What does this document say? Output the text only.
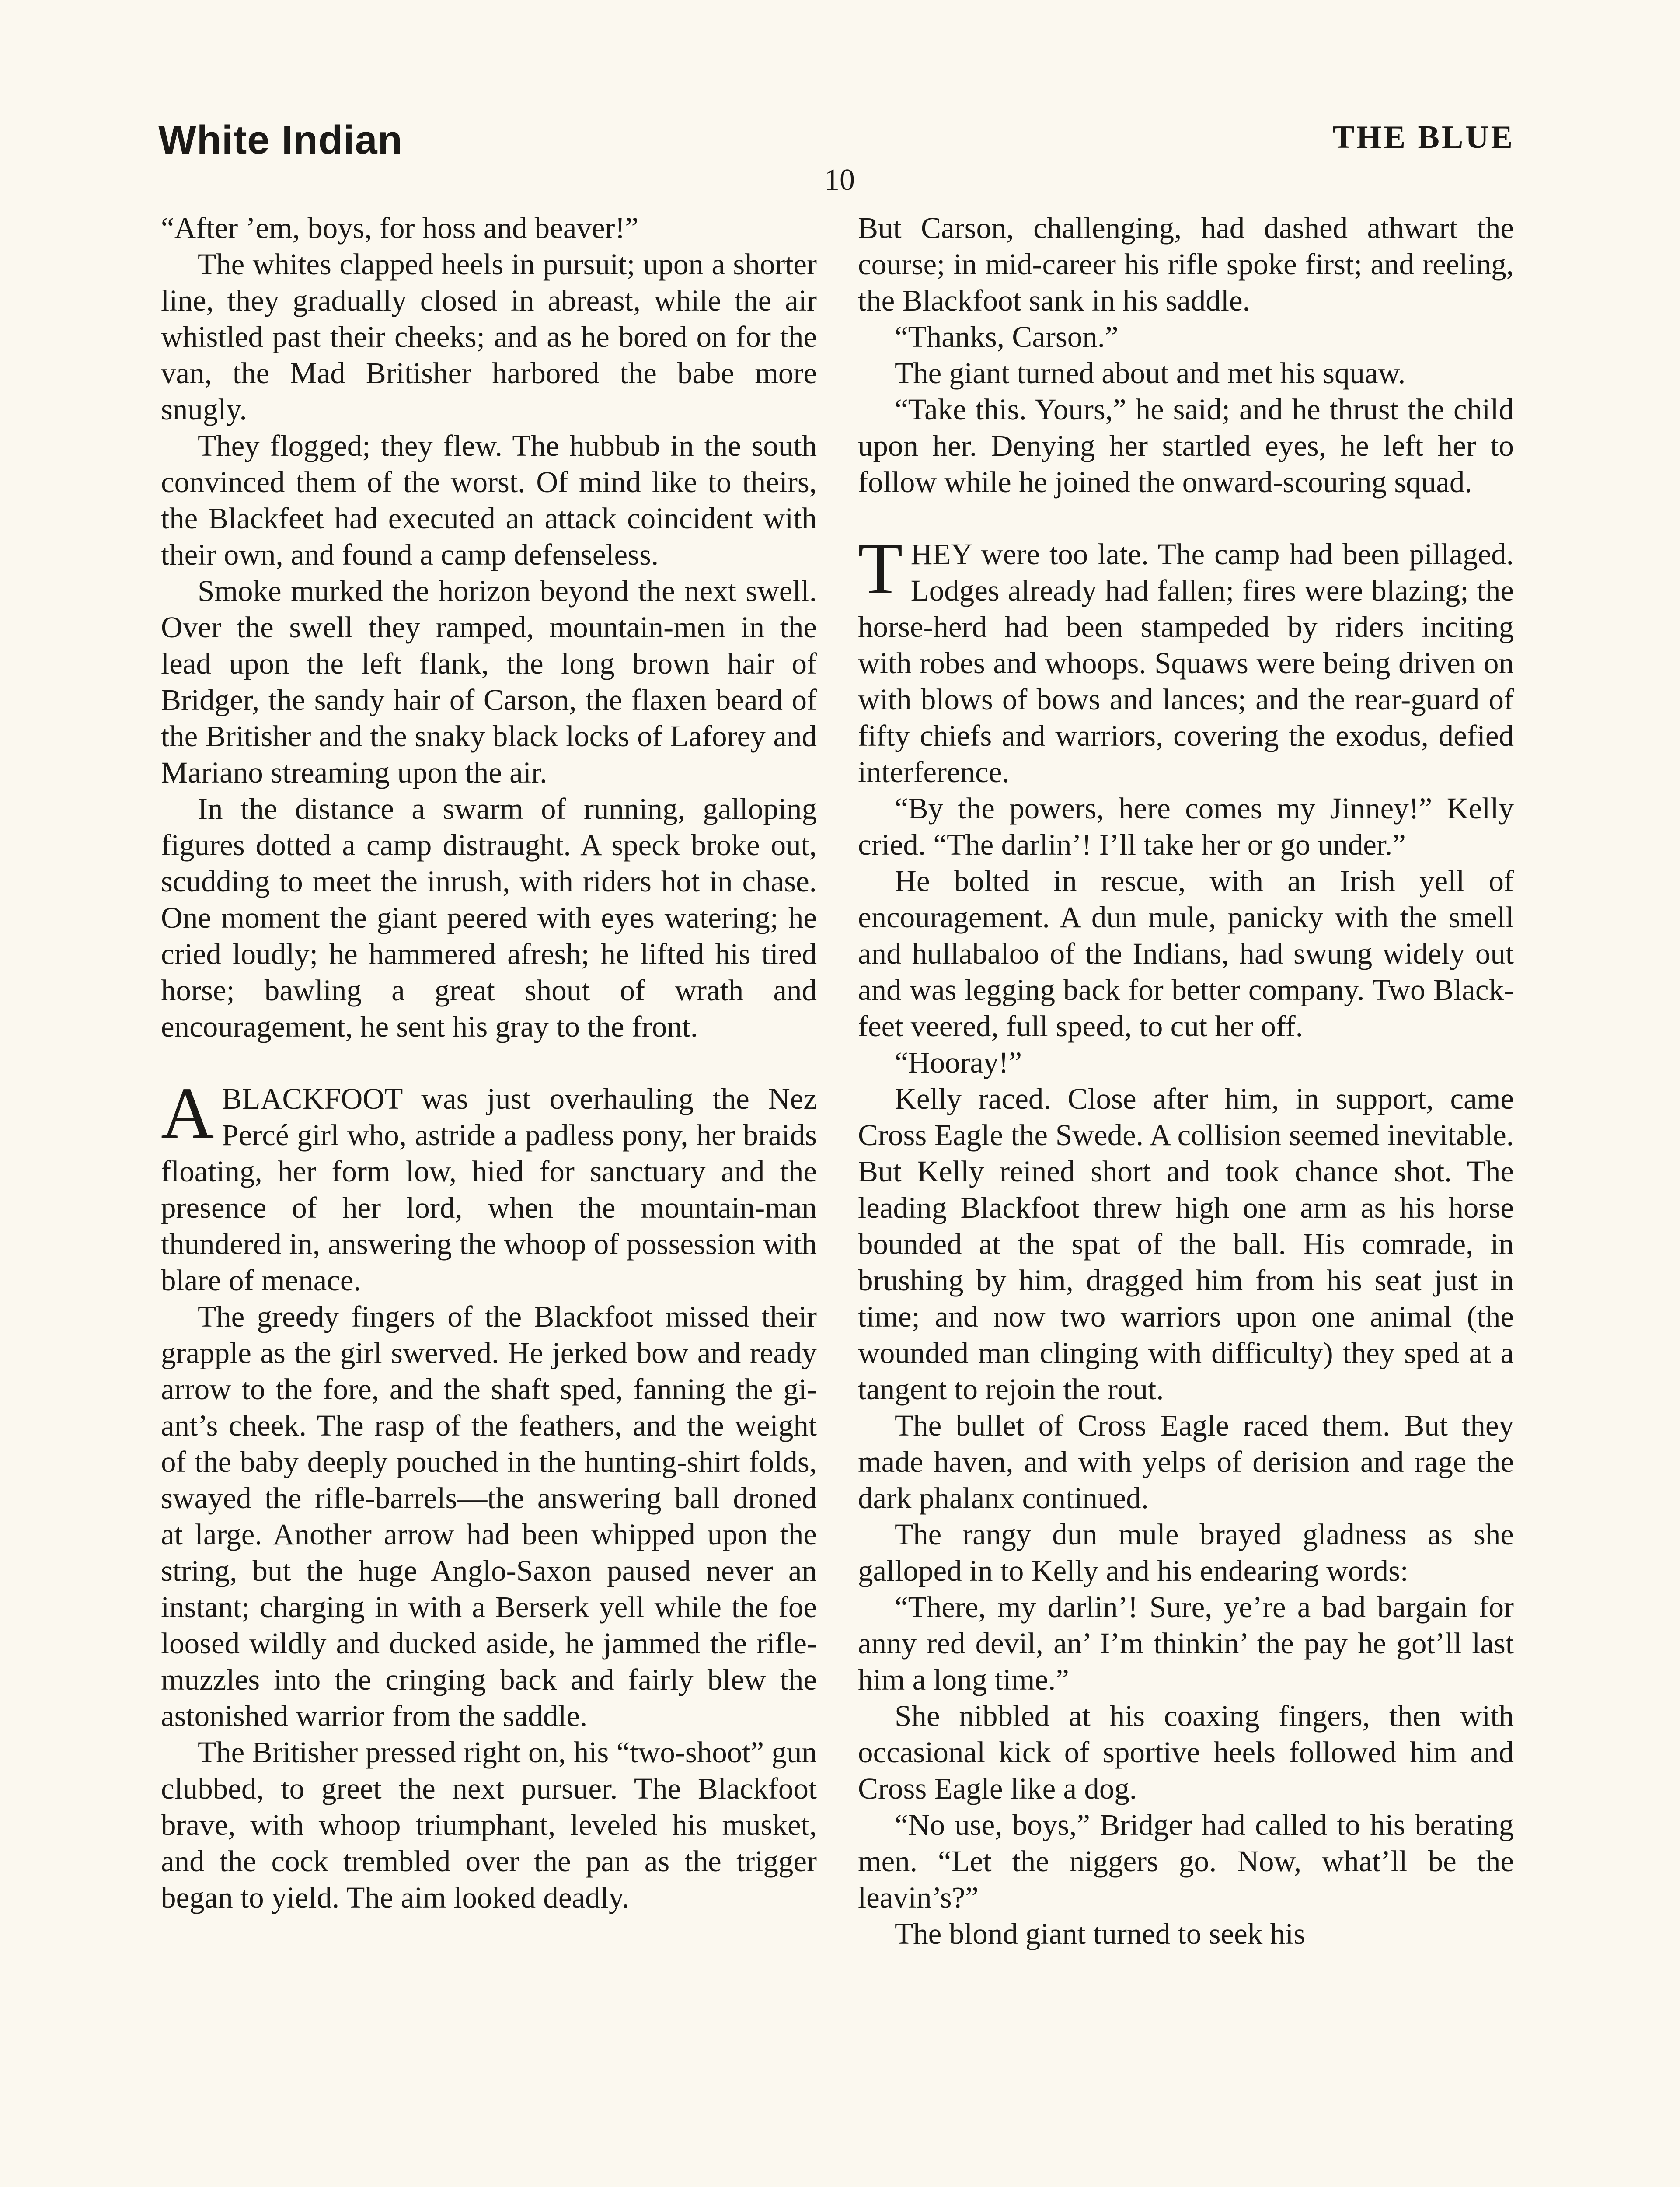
White Indian	THE BLUE
10

“After ’em, boys, for hoss and beaver!”

The whites clapped heels in pursuit; upon a shorter line, they gradually closed in abreast, while the air whistled past their cheeks; and as he bored on for the van, the Mad Britisher harbored the babe more snugly.

They flogged; they flew. The hubbub in the south convinced them of the worst. Of mind like to theirs, the Blackfeet had executed an attack coincident with their own, and found a camp defenseless.

Smoke murked the horizon beyond the next swell. Over the swell they ramped, mountain-men in the lead upon the left flank, the long brown hair of Bridger, the sandy hair of Carson, the flaxen beard of the Britisher and the snaky black locks of Laforey and Mariano streaming upon the air.

In the distance a swarm of running, galloping figures dotted a camp distraught. A speck broke out, scudding to meet the inrush, with riders hot in chase. One moment the giant peered with eyes watering; he cried loudly; he hammered afresh; he lifted his tired horse; bawling a great shout of wrath and encouragement, he sent his gray to the front.

A BLACKFOOT was just overhauling the Nez Percé girl who, astride a padless pony, her braids floating, her form low, hied for sanctuary and the presence of her lord, when the mountain-man thundered in, answering the whoop of possession with blare of menace.

The greedy fingers of the Blackfoot missed their grapple as the girl swerved. He jerked bow and ready arrow to the fore, and the shaft sped, fanning the giant’s cheek. The rasp of the feathers, and the weight of the baby deeply pouched in the hunting-shirt folds, swayed the rifle-barrels—the answering ball droned at large. Another arrow had been whipped upon the string, but the huge Anglo-Saxon paused never an instant; charging in with a Berserk yell while the foe loosed wildly and ducked aside, he jammed the rifle-muzzles into the cringing back and fairly blew the astonished warrior from the saddle.

The Britisher pressed right on, his “two-shoot” gun clubbed, to greet the next pursuer. The Blackfoot brave, with whoop triumphant, leveled his musket, and the cock trembled over the pan as the trigger began to yield. The aim looked deadly.

But Carson, challenging, had dashed athwart the course; in mid-career his rifle spoke first; and reeling, the Blackfoot sank in his saddle.

“Thanks, Carson.”

The giant turned about and met his squaw.

“Take this. Yours,” he said; and he thrust the child upon her. Denying her startled eyes, he left her to follow while he joined the onward-scouring squad.

THEY were too late. The camp had been pillaged. Lodges already had fallen; fires were blazing; the horse-herd had been stampeded by riders inciting with robes and whoops. Squaws were being driven on with blows of bows and lances; and the rear-guard of fifty chiefs and warriors, covering the exodus, defied interference.

“By the powers, here comes my Jinney!” Kelly cried. “The darlin’! I’ll take her or go under.”

He bolted in rescue, with an Irish yell of encouragement. A dun mule, panicky with the smell and hullabaloo of the Indians, had swung widely out and was legging back for better company. Two Blackfeet veered, full speed, to cut her off.

“Hooray!”

Kelly raced. Close after him, in support, came Cross Eagle the Swede. A collision seemed inevitable. But Kelly reined short and took chance shot. The leading Blackfoot threw high one arm as his horse bounded at the spat of the ball. His comrade, in brushing by him, dragged him from his seat just in time; and now two warriors upon one animal (the wounded man clinging with difficulty) they sped at a tangent to rejoin the rout.

The bullet of Cross Eagle raced them. But they made haven, and with yelps of derision and rage the dark phalanx continued.

The rangy dun mule brayed gladness as she galloped in to Kelly and his endearing words:

“There, my darlin’! Sure, ye’re a bad bargain for anny red devil, an’ I’m thinkin’ the pay he got’ll last him a long time.”

She nibbled at his coaxing fingers, then with occasional kick of sportive heels followed him and Cross Eagle like a dog.

“No use, boys,” Bridger had called to his berating men. “Let the niggers go. Now, what’ll be the leavin’s?”

The blond giant turned to seek his
